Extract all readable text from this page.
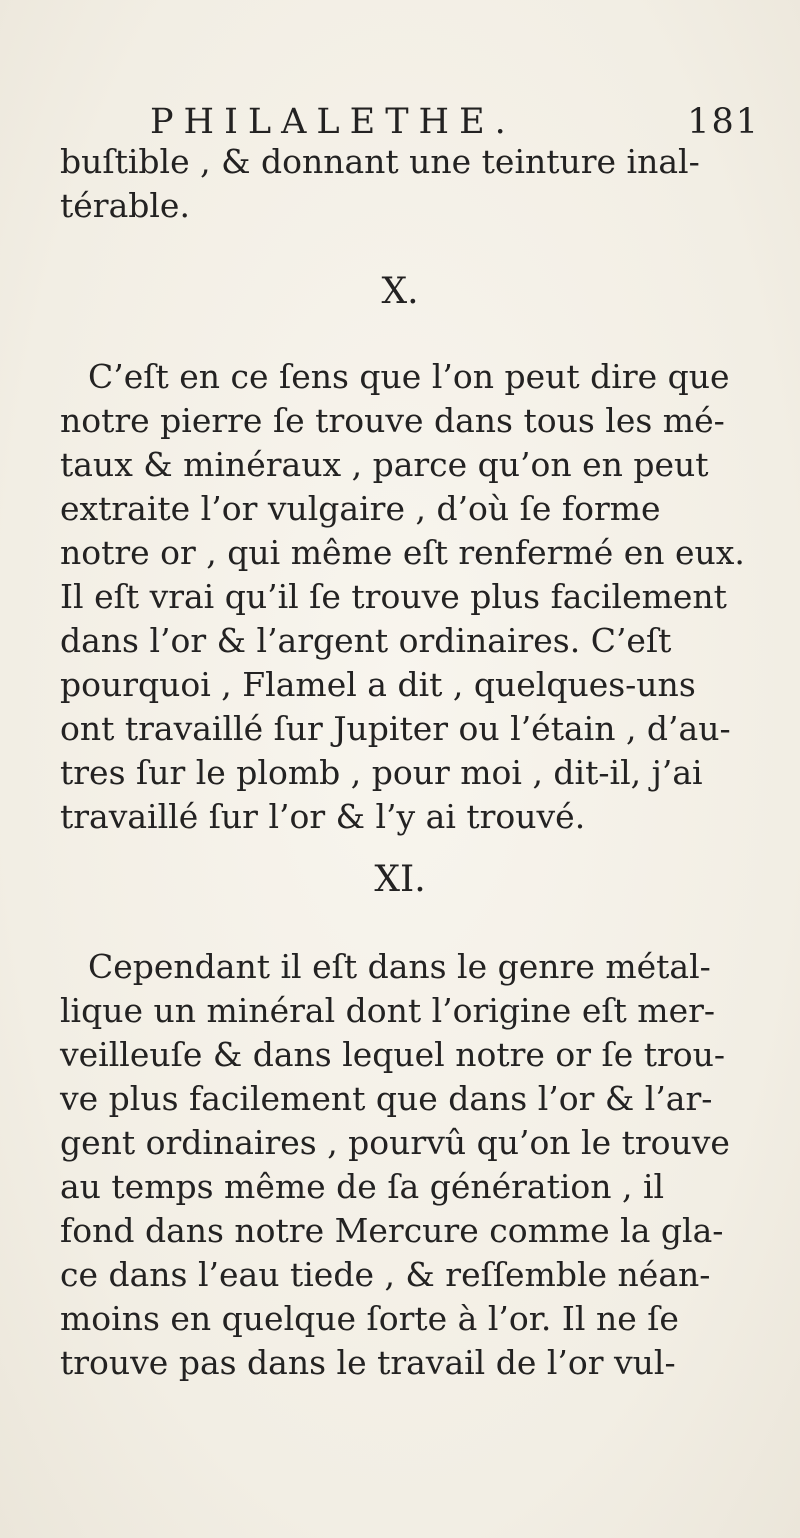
PHILALETHE.	181
buſtible , & donnant une teinture inal-
térable.
X.
C’eſt en ce ſens que l’on peut dire que
notre pierre ſe trouve dans tous les mé-
taux & minéraux , parce qu’on en peut
extraite l’or vulgaire , d’où ſe forme
notre or , qui même eſt renfermé en eux.
Il eſt vrai qu’il ſe trouve plus facilement
dans l’or & l’argent ordinaires. C’eſt
pourquoi , Flamel a dit , quelques-uns
ont travaillé ſur Jupiter ou l’étain , d’au-
tres ſur le plomb , pour moi , dit-il, j’ai
travaillé ſur l’or & l’y ai trouvé.
XI.
Cependant il eſt dans le genre métal-
lique un minéral dont l’origine eſt mer-
veilleuſe & dans lequel notre or ſe trou-
ve plus facilement que dans l’or & l’ar-
gent ordinaires , pourvû qu’on le trouve
au temps même de ſa génération , il
fond dans notre Mercure comme la gla-
ce dans l’eau tiede , & reſſemble néan-
moins en quelque ſorte à l’or. Il ne ſe
trouve pas dans le travail de l’or vul-
